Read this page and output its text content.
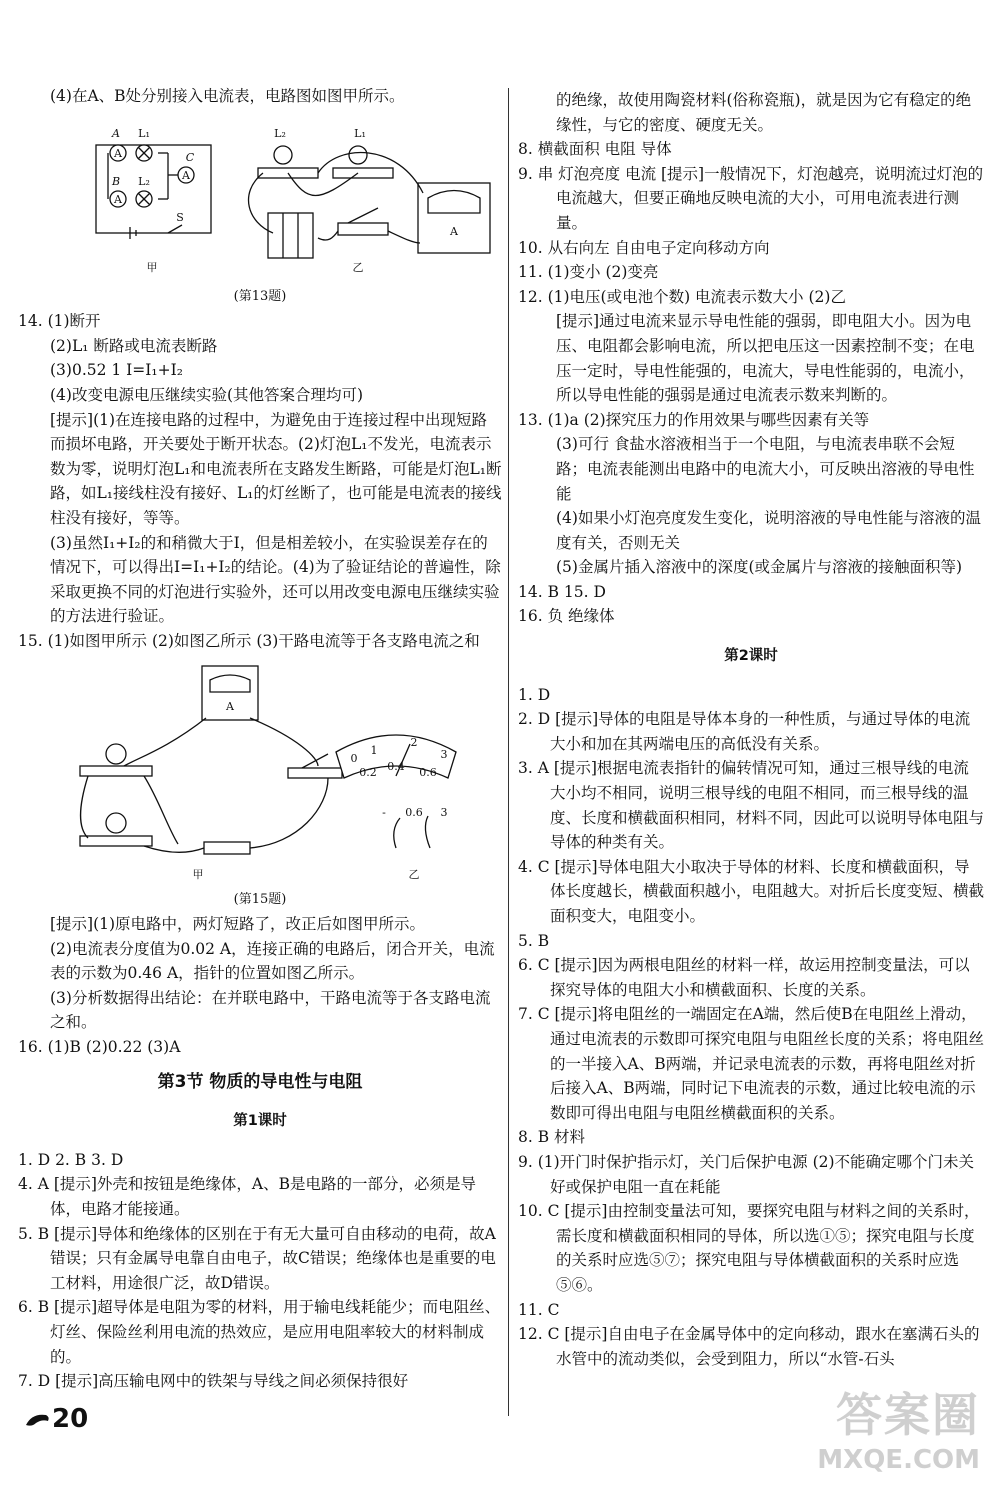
(4)在A、B处分别接入电流表，电路图如图甲所示。

A
A
A
A L₁
B L₂
C
S
甲
L₂	L₁
A
乙

(第13题)

14. (1)断开

(2)L₁ 断路或电流表断路

(3)0.52 1 I=I₁+I₂

(4)改变电源电压继续实验(其他答案合理均可)

[提示](1)在连接电路的过程中，为避免由于连接过程中出现短路而损坏电路，开关要处于断开状态。(2)灯泡L₁不发光，电流表示数为零，说明灯泡L₁和电流表所在支路发生断路，可能是灯泡L₁断路，如L₁接线柱没有接好、L₁的灯丝断了，也可能是电流表的接线柱没有接好，等等。

(3)虽然I₁+I₂的和稍微大于I，但是相差较小，在实验误差存在的情况下，可以得出I=I₁+I₂的结论。(4)为了验证结论的普遍性，除采取更换不同的灯泡进行实验外，还可以用改变电源电压继续实验的方法进行验证。

15. (1)如图甲所示 (2)如图乙所示 (3)干路电流等于各支路电流之和

A
0
1
2
3
0.2 0.4 0.6
- 0.6 3
甲	乙

(第15题)

[提示](1)原电路中，两灯短路了，改正后如图甲所示。

(2)电流表分度值为0.02 A，连接正确的电路后，闭合开关，电流表的示数为0.46 A，指针的位置如图乙所示。

(3)分析数据得出结论：在并联电路中，干路电流等于各支路电流之和。

16. (1)B (2)0.22 (3)A

第3节 物质的导电性与电阻

第1课时

1. D 2. B 3. D

4. A [提示]外壳和按钮是绝缘体，A、B是电路的一部分，必须是导体，电路才能接通。

5. B [提示]导体和绝缘体的区别在于有无大量可自由移动的电荷，故A错误；只有金属导电靠自由电子，故C错误；绝缘体也是重要的电工材料，用途很广泛，故D错误。

6. B [提示]超导体是电阻为零的材料，用于输电线耗能少；而电阻丝、灯丝、保险丝利用电流的热效应，是应用电阻率较大的材料制成的。

7. D [提示]高压输电网中的铁架与导线之间必须保持很好

的绝缘，故使用陶瓷材料(俗称瓷瓶)，就是因为它有稳定的绝缘性，与它的密度、硬度无关。

8. 横截面积 电阻 导体

9. 串 灯泡亮度 电流 [提示]一般情况下，灯泡越亮，说明流过灯泡的电流越大，但要正确地反映电流的大小，可用电流表进行测量。

10. 从右向左 自由电子定向移动方向

11. (1)变小 (2)变亮

12. (1)电压(或电池个数) 电流表示数大小 (2)乙

[提示]通过电流来显示导电性能的强弱，即电阻大小。因为电压、电阻都会影响电流，所以把电压这一因素控制不变；在电压一定时，导电性能强的，电流大，导电性能弱的，电流小，所以导电性能的强弱是通过电流表示数来判断的。

13. (1)a (2)探究压力的作用效果与哪些因素有关等

(3)可行 食盐水溶液相当于一个电阻，与电流表串联不会短路；电流表能测出电路中的电流大小，可反映出溶液的导电性能

(4)如果小灯泡亮度发生变化，说明溶液的导电性能与溶液的温度有关，否则无关

(5)金属片插入溶液中的深度(或金属片与溶液的接触面积等)

14. B 15. D

16. 负 绝缘体

第2课时

1. D

2. D [提示]导体的电阻是导体本身的一种性质，与通过导体的电流大小和加在其两端电压的高低没有关系。

3. A [提示]根据电流表指针的偏转情况可知，通过三根导线的电流大小均不相同，说明三根导线的电阻不相同，而三根导线的温度、长度和横截面积相同，材料不同，因此可以说明导体电阻与导体的种类有关。

4. C [提示]导体电阻大小取决于导体的材料、长度和横截面积，导体长度越长，横截面积越小，电阻越大。对折后长度变短、横截面积变大，电阻变小。

5. B

6. C [提示]因为两根电阻丝的材料一样，故运用控制变量法，可以探究导体的电阻大小和横截面积、长度的关系。

7. C [提示]将电阻丝的一端固定在A端，然后使B在电阻丝上滑动，通过电流表的示数即可探究电阻与电阻丝长度的关系；将电阻丝的一半接入A、B两端，并记录电流表的示数，再将电阻丝对折后接入A、B两端，同时记下电流表的示数，通过比较电流的示数即可得出电阻与电阻丝横截面积的关系。

8. B 材料

9. (1)开门时保护指示灯，关门后保护电源 (2)不能确定哪个门未关好或保护电阻一直在耗能

10. C [提示]由控制变量法可知，要探究电阻与材料之间的关系时，需长度和横截面积相同的导体，所以选①⑤；探究电阻与长度的关系时应选⑤⑦；探究电阻与导体横截面积的关系时应选⑤⑥。

11. C

12. C [提示]自由电子在金属导体中的定向移动，跟水在塞满石头的水管中的流动类似，会受到阻力，所以“水管-石头

20	答案圈
MXQE.COM
